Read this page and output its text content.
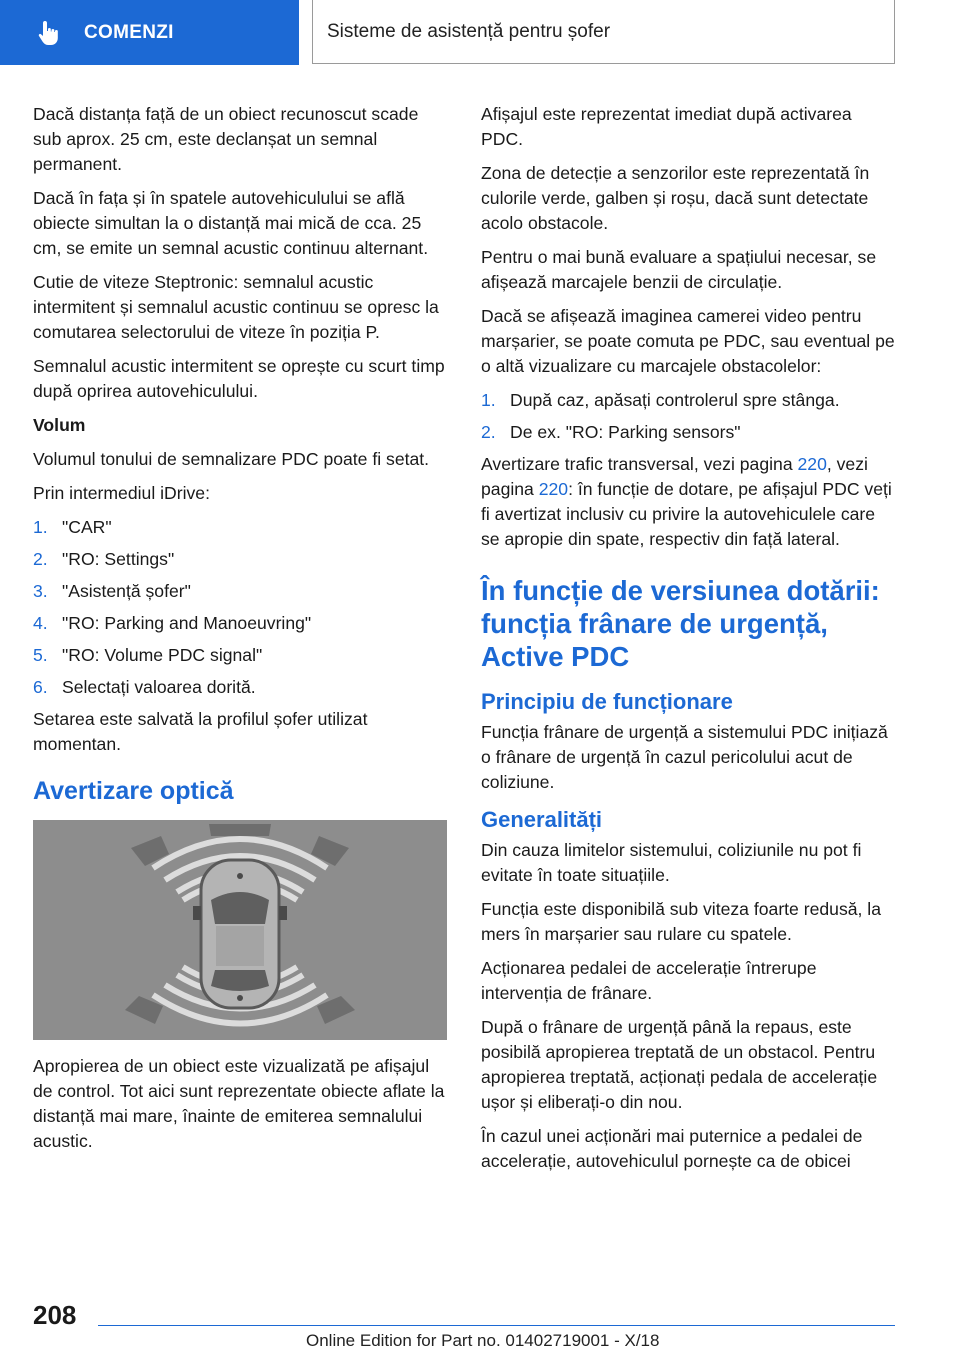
COMENZI	Sisteme de asistență pentru șofer

Dacă distanța față de un obiect recunoscut scade sub aprox. 25 cm, este declanșat un semnal permanent.

Dacă în fața și în spatele autovehiculului se află obiecte simultan la o distanță mai mică de cca. 25 cm, se emite un semnal acustic continuu alternant.

Cutie de viteze Steptronic: semnalul acustic intermitent și semnalul acustic continuu se opresc la comutarea selectorului de viteze în poziția P.

Semnalul acustic intermitent se oprește cu scurt timp după oprirea autovehiculului.

Volum

Volumul tonului de semnalizare PDC poate fi setat.

Prin intermediul iDrive:

1. "CAR"
2. "RO: Settings"
3. "Asistență șofer"
4. "RO: Parking and Manoeuvring"
5. "RO: Volume PDC signal"
6. Selectați valoarea dorită.

Setarea este salvată la profilul șofer utilizat momentan.

Avertizare optică

Apropierea de un obiect este vizualizată pe afișajul de control. Tot aici sunt reprezentate obiecte aflate la distanță mai mare, înainte de emiterea semnalului acustic.

Afișajul este reprezentat imediat după activarea PDC.

Zona de detecție a senzorilor este reprezentată în culorile verde, galben și roșu, dacă sunt detectate acolo obstacole.

Pentru o mai bună evaluare a spațiului necesar, se afișează marcajele benzii de circulație.

Dacă se afișează imaginea camerei video pentru marșarier, se poate comuta pe PDC, sau eventual pe o altă vizualizare cu marcajele obstacolelor:

1. După caz, apăsați controlerul spre stânga.
2. De ex. "RO: Parking sensors"

Avertizare trafic transversal, vezi pagina 220, vezi pagina 220: în funcție de dotare, pe afișajul PDC veți fi avertizat inclusiv cu privire la autovehiculele care se apropie din spate, respectiv din față lateral.

În funcție de versiunea dotării: funcția frânare de urgență, Active PDC
Principiu de funcționare

Funcția frânare de urgență a sistemului PDC inițiază o frânare de urgență în cazul pericolului acut de coliziune.

Generalități

Din cauza limitelor sistemului, coliziunile nu pot fi evitate în toate situațiile.

Funcția este disponibilă sub viteza foarte redusă, la mers în marșarier sau rulare cu spatele.

Acționarea pedalei de accelerație întrerupe intervenția de frânare.

După o frânare de urgență până la repaus, este posibilă apropierea treptată de un obstacol. Pentru apropierea treptată, acționați pedala de accelerație ușor și eliberați-o din nou.

În cazul unei acționări mai puternice a pedalei de accelerație, autovehiculul pornește ca de obicei

208
Online Edition for Part no. 01402719001 - X/18
